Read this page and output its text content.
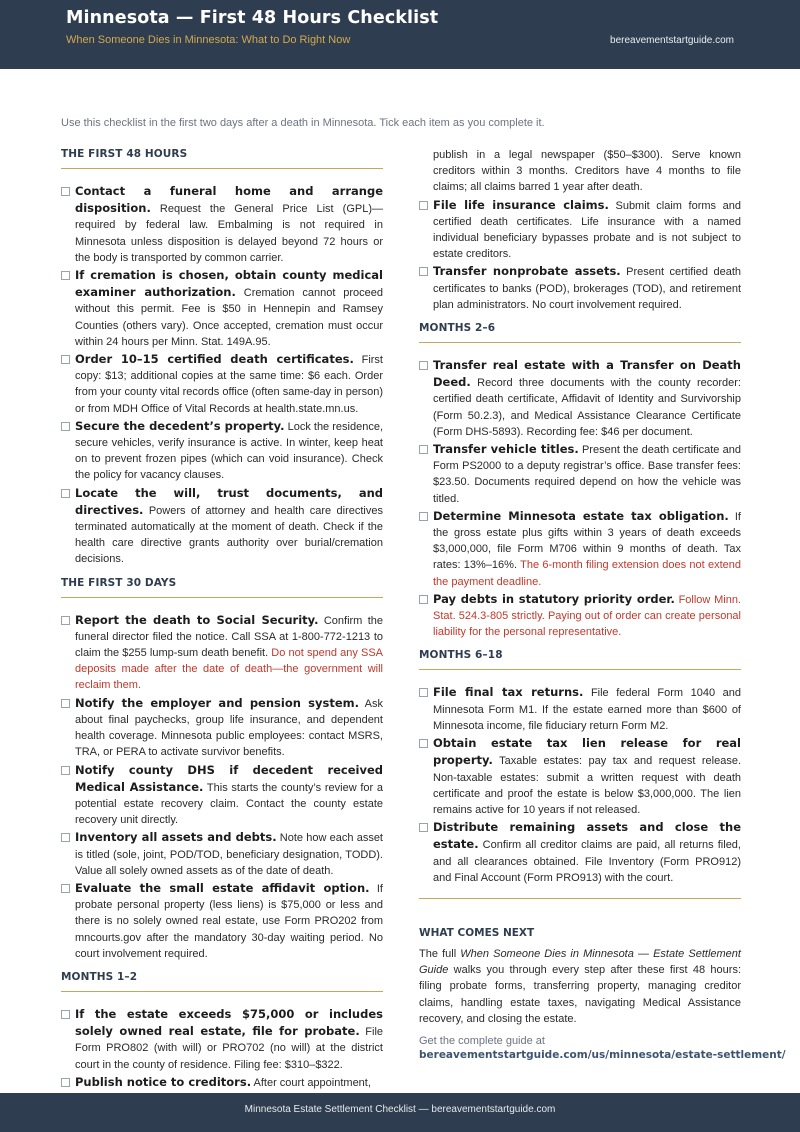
Minnesota — First 48 Hours Checklist
When Someone Dies in Minnesota: What to Do Right Now	bereavementstartguide.com
Use this checklist in the first two days after a death in Minnesota. Tick each item as you complete it.
THE FIRST 48 HOURS
Contact a funeral home and arrange disposition. Request the General Price List (GPL)—required by federal law. Embalming is not required in Minnesota unless disposition is delayed beyond 72 hours or the body is transported by common carrier.
If cremation is chosen, obtain county medical examiner authorization. Cremation cannot proceed without this permit. Fee is $50 in Hennepin and Ramsey Counties (others vary). Once accepted, cremation must occur within 24 hours per Minn. Stat. 149A.95.
Order 10–15 certified death certificates. First copy: $13; additional copies at the same time: $6 each. Order from your county vital records office (often same-day in person) or from MDH Office of Vital Records at health.state.mn.us.
Secure the decedent’s property. Lock the residence, secure vehicles, verify insurance is active. In winter, keep heat on to prevent frozen pipes (which can void insurance). Check the policy for vacancy clauses.
Locate the will, trust documents, and directives. Powers of attorney and health care directives terminated automatically at the moment of death. Check if the health care directive grants authority over burial/cremation decisions.
THE FIRST 30 DAYS
Report the death to Social Security. Confirm the funeral director filed the notice. Call SSA at 1-800-772-1213 to claim the $255 lump-sum death benefit. Do not spend any SSA deposits made after the date of death—the government will reclaim them.
Notify the employer and pension system. Ask about final paychecks, group life insurance, and dependent health coverage. Minnesota public employees: contact MSRS, TRA, or PERA to activate survivor benefits.
Notify county DHS if decedent received Medical Assistance. This starts the county’s review for a potential estate recovery claim. Contact the county estate recovery unit directly.
Inventory all assets and debts. Note how each asset is titled (sole, joint, POD/TOD, beneficiary designation, TODD). Value all solely owned assets as of the date of death.
Evaluate the small estate affidavit option. If probate personal property (less liens) is $75,000 or less and there is no solely owned real estate, use Form PRO202 from mncourts.gov after the mandatory 30-day waiting period. No court involvement required.
MONTHS 1–2
If the estate exceeds $75,000 or includes solely owned real estate, file for probate. File Form PRO802 (with will) or PRO702 (no will) at the district court in the county of residence. Filing fee: $310–$322.
Publish notice to creditors. After court appointment,
publish in a legal newspaper ($50–$300). Serve known creditors within 3 months. Creditors have 4 months to file claims; all claims barred 1 year after death.
File life insurance claims. Submit claim forms and certified death certificates. Life insurance with a named individual beneficiary bypasses probate and is not subject to estate creditors.
Transfer nonprobate assets. Present certified death certificates to banks (POD), brokerages (TOD), and retirement plan administrators. No court involvement required.
MONTHS 2–6
Transfer real estate with a Transfer on Death Deed. Record three documents with the county recorder: certified death certificate, Affidavit of Identity and Survivorship (Form 50.2.3), and Medical Assistance Clearance Certificate (Form DHS-5893). Recording fee: $46 per document.
Transfer vehicle titles. Present the death certificate and Form PS2000 to a deputy registrar’s office. Base transfer fees: $23.50. Documents required depend on how the vehicle was titled.
Determine Minnesota estate tax obligation. If the gross estate plus gifts within 3 years of death exceeds $3,000,000, file Form M706 within 9 months of death. Tax rates: 13%–16%. The 6-month filing extension does not extend the payment deadline.
Pay debts in statutory priority order. Follow Minn. Stat. 524.3-805 strictly. Paying out of order can create personal liability for the personal representative.
MONTHS 6–18
File final tax returns. File federal Form 1040 and Minnesota Form M1. If the estate earned more than $600 of Minnesota income, file fiduciary return Form M2.
Obtain estate tax lien release for real property. Taxable estates: pay tax and request release. Non-taxable estates: submit a written request with death certificate and proof the estate is below $3,000,000. The lien remains active for 10 years if not released.
Distribute remaining assets and close the estate. Confirm all creditor claims are paid, all returns filed, and all clearances obtained. File Inventory (Form PRO912) and Final Account (Form PRO913) with the court.
WHAT COMES NEXT
The full When Someone Dies in Minnesota — Estate Settlement Guide walks you through every step after these first 48 hours: filing probate forms, transferring property, managing creditor claims, handling estate taxes, navigating Medical Assistance recovery, and closing the estate.
Get the complete guide at
bereavementstartguide.com/us/minnesota/estate-settlement/
Minnesota Estate Settlement Checklist — bereavementstartguide.com
